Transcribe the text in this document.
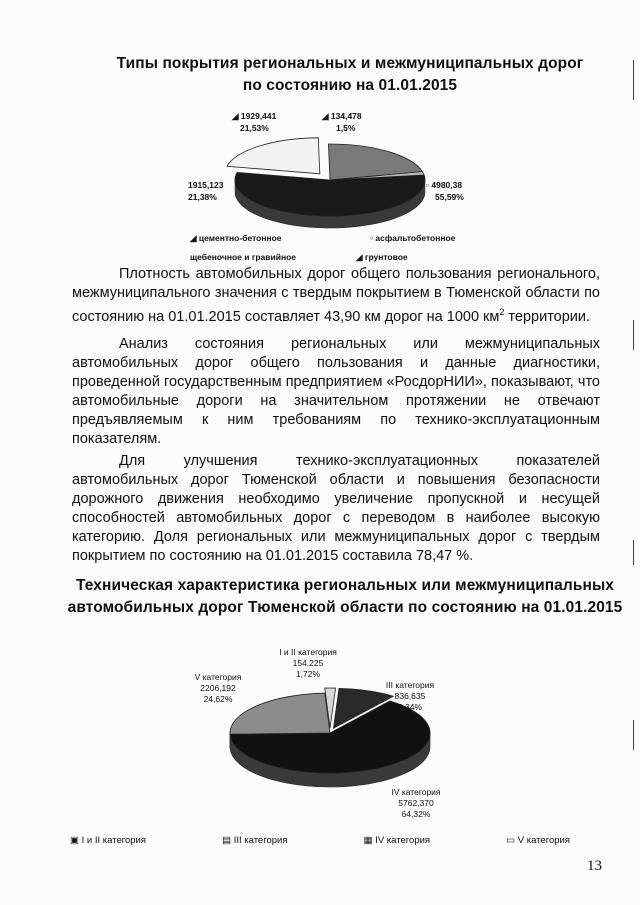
Типы покрытия региональных и межмуниципальных дорог
по состоянию на 01.01.2015
▫ 4980,38
55,59%
1915,123
21,38%
◢ 1929,441
21,53%
◢ 134,478
1,5%
◢ цементно-бетонное	▫ асфальтобетонное
щебеночное и гравийное	◢ грунтовое

Плотность автомобильных дорог общего пользования регионального, межмуниципального значения с твердым покрытием в Тюменской области по состоянию на 01.01.2015 составляет 43,90 км дорог на 1000 $км^2$ территории.

Анализ состояния региональных или межмуниципальных автомобильных дорог общего пользования и данные диагностики, проведенной государственным предприятием «РосдорНИИ», показывают, что автомобильные дороги на значительном протяжении не отвечают предъявляемым к ним требованиям по технико-эксплуатационным показателям.

Для улучшения технико-эксплуатационных показателей автомобильных дорог Тюменской области и повышения безопасности дорожного движения необходимо увеличение пропускной и несущей способностей автомобильных дорог с переводом в наиболее высокую категорию. Доля региональных или межмуниципальных дорог с твердым покрытием по состоянию на 01.01.2015 составила 78,47 %.

Техническая характеристика региональных или межмуниципальных
автомобильных дорог Тюменской области по состоянию на 01.01.2015
I и II категория
154,225
1,72%
III категория
836,635
9,34%
IV категория
5762,370
64,32%
V категория
2206,192
24,62%
13
▣ I и II категория	▤ III категория	▦ IV категория	▭ V категория
